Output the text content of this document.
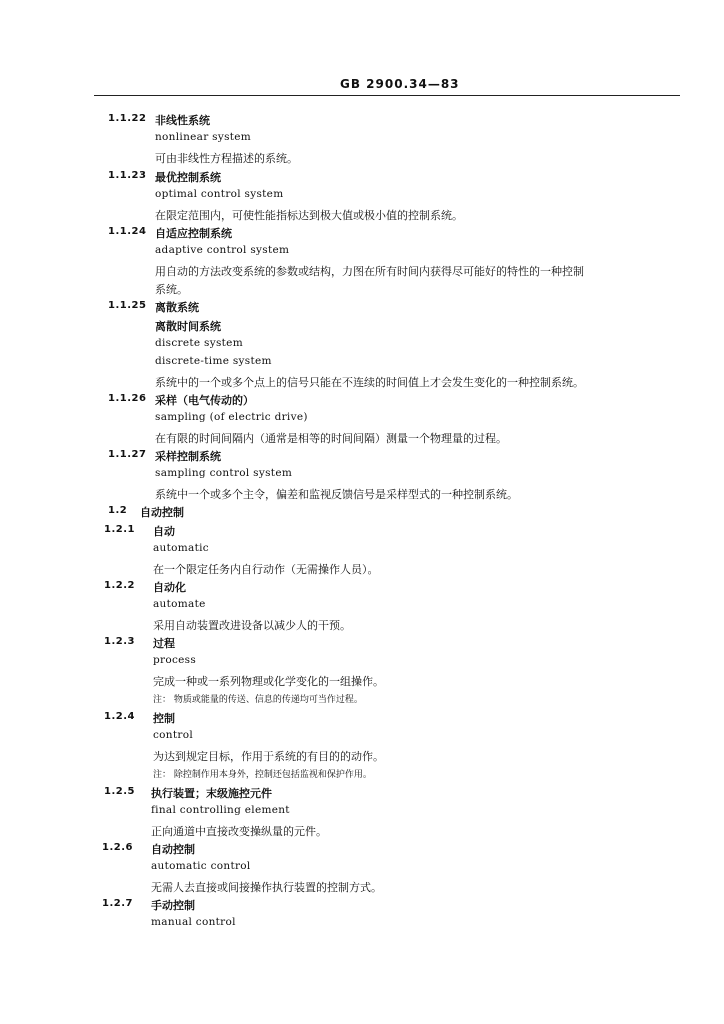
GB 2900.34—83
1.1.22 非线性系统
nonlinear system
可由非线性方程描述的系统。
1.1.23 最优控制系统
optimal control system
在限定范围内，可使性能指标达到极大值或极小值的控制系统。
1.1.24 自适应控制系统
adaptive control system
用自动的方法改变系统的参数或结构，力图在所有时间内获得尽可能好的特性的一种控制
系统。
1.1.25 离散系统
离散时间系统
discrete system
discrete-time system
系统中的一个或多个点上的信号只能在不连续的时间值上才会发生变化的一种控制系统。
1.1.26 采样（电气传动的）
sampling (of electric drive)
在有限的时间间隔内（通常是相等的时间间隔）测量一个物理量的过程。
1.1.27 采样控制系统
sampling control system
系统中一个或多个主令，偏差和监视反馈信号是采样型式的一种控制系统。
1.2 自动控制
1.2.1 自动
automatic
在一个限定任务内自行动作（无需操作人员）。
1.2.2 自动化
automate
采用自动装置改进设备以减少人的干预。
1.2.3 过程
process
完成一种或一系列物理或化学变化的一组操作。
注： 物质或能量的传送、信息的传递均可当作过程。
1.2.4 控制
control
为达到规定目标，作用于系统的有目的的动作。
注： 除控制作用本身外，控制还包括监视和保护作用。
1.2.5 执行装置；末级施控元件
final controlling element
正向通道中直接改变操纵量的元件。
1.2.6 自动控制
automatic control
无需人去直接或间接操作执行装置的控制方式。
1.2.7 手动控制
manual control
